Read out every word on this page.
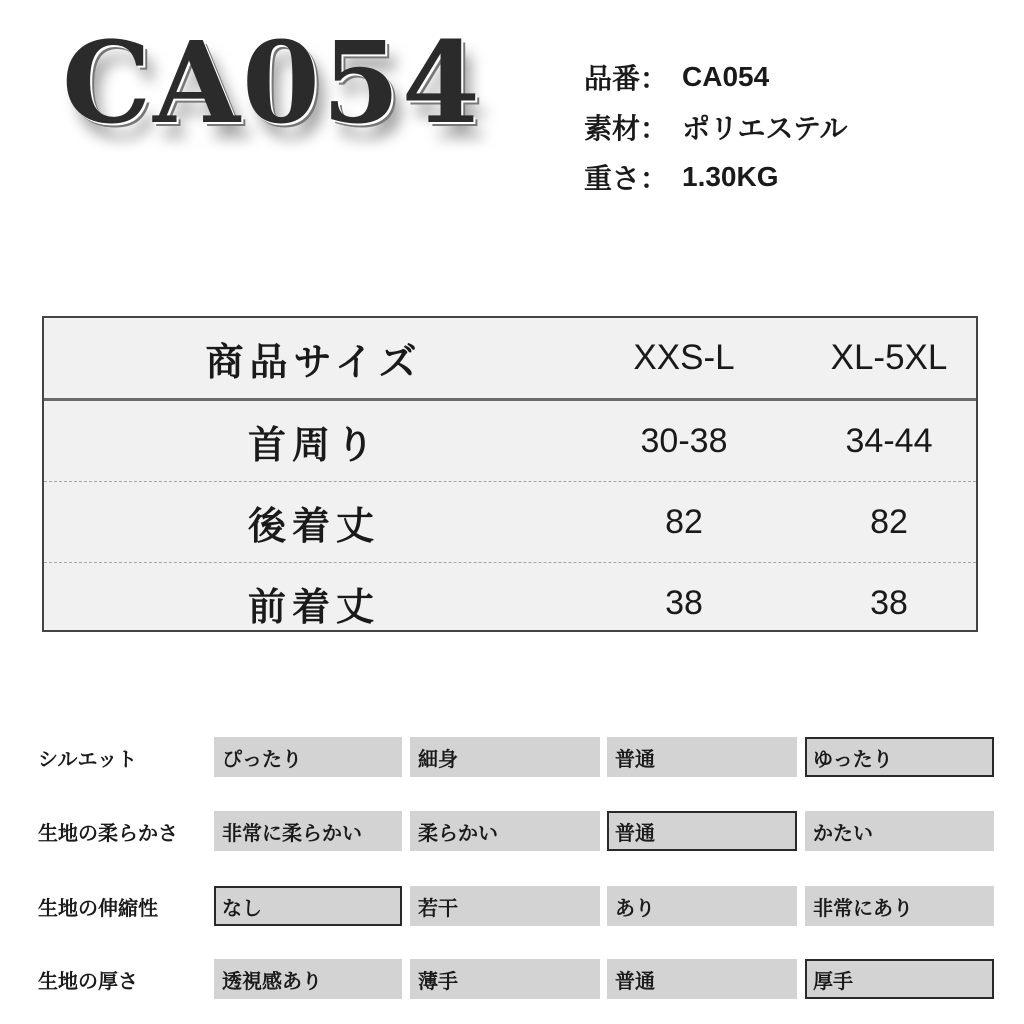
CA054	品番： CA054
素材： ポリエステル
重さ： 1.30KG
商品サイズ	XXS-L	XL-5XL
首周り	30-38	34-44
後着丈	82	82
前着丈	38	38
シルエット	ぴったり	細身	普通	ゆったり
生地の柔らかさ	非常に柔らかい	柔らかい	普通	かたい
生地の伸縮性	なし	若干	あり	非常にあり
生地の厚さ	透視感あり	薄手	普通	厚手
